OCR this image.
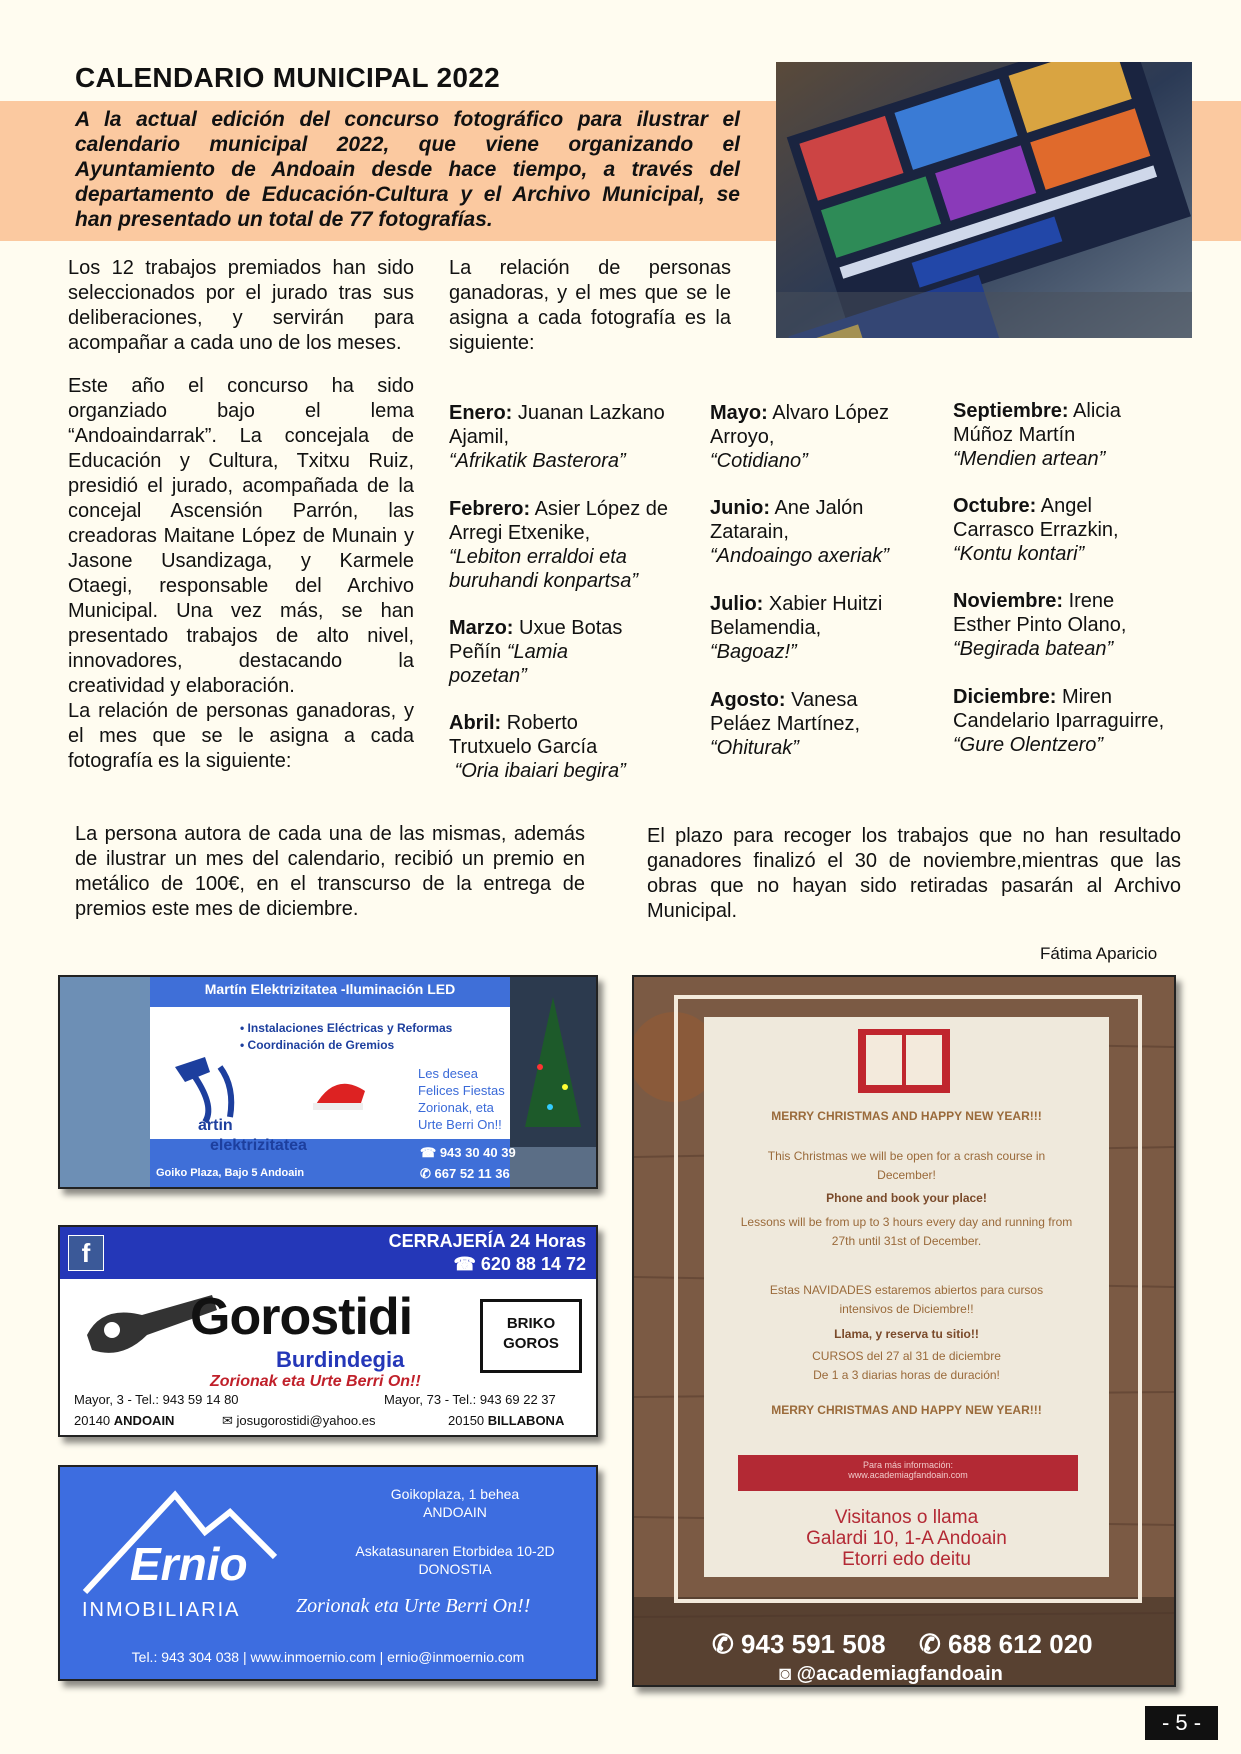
CALENDARIO MUNICIPAL 2022
A la actual edición del concurso fotográfico para ilustrar el calendario municipal 2022, que viene organizando el Ayuntamiento de Andoain desde hace tiempo, a través del departamento de Educación-Cultura y el Archivo Municipal, se han presentado un total de 77 fotografías.
Los 12 trabajos premiados han sido seleccionados por el jurado tras sus deliberaciones, y servirán para acompañar a cada uno de los meses.
Este año el concurso ha sido organziado bajo el lema “Andoaindarrak”. La concejala de Educación y Cultura, Txitxu Ruiz, presidió el jurado, acompañada de la concejal Ascensión Parrón, las creadoras Maitane López de Munain y Jasone Usandizaga, y Karmele Otaegi, responsable del Archivo Municipal. Una vez más, se han presentado trabajos de alto nivel, innovadores, destacando la creatividad y elaboración.
La relación de personas ganadoras, y el mes que se le asigna a cada fotografía es la siguiente:
La relación de personas ganadoras, y el mes que se le asigna a cada fotografía es la siguiente:
Enero: Juanan Lazkano Ajamil,
“Afrikatik Basterora”
Febrero: Asier López de Arregi Etxenike,
“Lebiton erraldoi eta buruhandi konpartsa”
Marzo: Uxue Botas Peñín “Lamia pozetan”
Abril: Roberto Trutxuelo García
“Oria ibaiari begira”
Mayo: Alvaro López Arroyo,
“Cotidiano”
Junio: Ane Jalón Zatarain,
“Andoaingo axeriak”
Julio: Xabier Huitzi Belamendia,
“Bagoaz!”
Agosto: Vanesa Peláez Martínez,
“Ohiturak”
Septiembre: Alicia Múñoz Martín
“Mendien artean”
Octubre: Angel Carrasco Errazkin,
“Kontu kontari”
Noviembre: Irene Esther Pinto Olano,
“Begirada batean”
Diciembre: Miren Candelario Iparraguirre, “Gure Olentzero”
La persona autora de cada una de las mismas, además de ilustrar un mes del calendario, recibió un premio en metálico de 100€, en el transcurso de la entrega de premios este mes de diciembre.
El plazo para recoger los trabajos que no han resultado ganadores finalizó el 30 de noviembre,mientras que las obras que no hayan sido retiradas pasarán al Archivo Municipal.
Fátima Aparicio
Martín Elektrizitatea -Iluminación LED
• Instalaciones Eléctricas y Reformas
• Coordinación de Gremios
Les desea
Felices Fiestas
Zorionak, eta
Urte Berri On!!
artin
elektrizitatea	☎ 943 30 40 39
✆ 667 52 11 36
Goiko Plaza, Bajo 5 Andoain
f	CERRAJERÍA 24 Horas
☎ 620 88 14 72
Gorostidi
Burdindegia
BRIKO
GOROS
Zorionak eta Urte Berri On!!
Mayor, 3 - Tel.: 943 59 14 80	Mayor, 73 - Tel.: 943 69 22 37
20140 ANDOAIN	✉ josugorostidi@yahoo.es	20150 BILLABONA
Ernio
INMOBILIARIA
Goikoplaza, 1 behea
ANDOAIN
Askatasunaren Etorbidea 10-2D
DONOSTIA
Zorionak eta Urte Berri On!!
Tel.: 943 304 038 | www.inmoernio.com | ernio@inmoernio.com
MERRY CHRISTMAS AND HAPPY NEW YEAR!!!
This Christmas we will be open for a crash course in December!
Phone and book your place!
Lessons will be from up to 3 hours every day and running from 27th until 31st of December.
Estas NAVIDADES estaremos abiertos para cursos intensivos de Diciembre!!
Llama, y reserva tu sitio!!
CURSOS del 27 al 31 de diciembre
De 1 a 3 diarias horas de duración!
MERRY CHRISTMAS AND HAPPY NEW YEAR!!!
Para más información:
www.academiagfandoain.com
Visitanos o llama
Galardi 10, 1-A Andoain
Etorri edo deitu
✆ 943 591 508 ✆ 688 612 020
◙ @academiagfandoain
- 5 -
